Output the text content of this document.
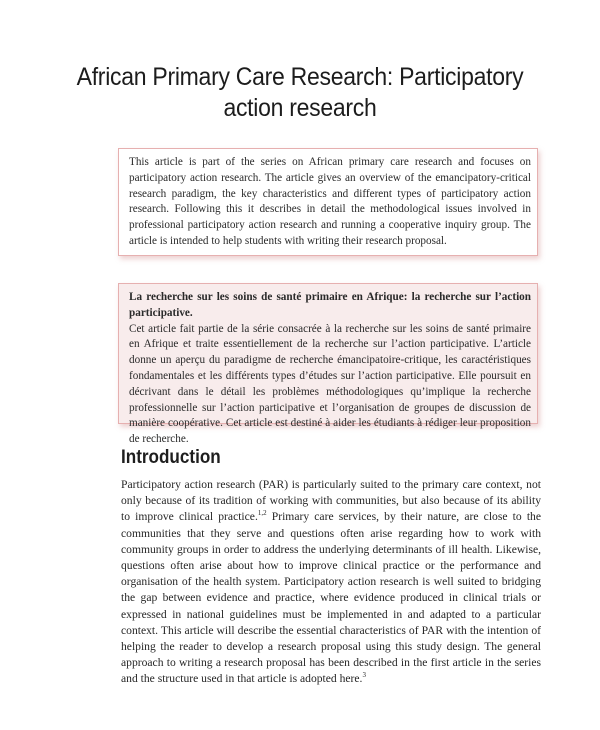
African Primary Care Research: Participatory
action research

This article is part of the series on African primary care research and focuses on participatory action research. The article gives an overview of the emancipatory-critical research paradigm, the key characteristics and different types of participatory action research. Following this it describes in detail the methodological issues involved in professional participatory action research and running a cooperative inquiry group. The article is intended to help students with writing their research proposal.

La recherche sur les soins de santé primaire en Afrique: la recherche sur l’action participative.
Cet article fait partie de la série consacrée à la recherche sur les soins de santé primaire en Afrique et traite essentiellement de la recherche sur l’action participative. L’article donne un aperçu du paradigme de recherche émancipatoire-critique, les caractéristiques fondamentales et les différents types d’études sur l’action participative. Elle poursuit en décrivant dans le détail les problèmes méthodologiques qu’implique la recherche professionnelle sur l’action participative et l’organisation de groupes de discussion de manière coopérative. Cet article est destiné à aider les étudiants à rédiger leur proposition de recherche.

Introduction

Participatory action research (PAR) is particularly suited to the primary care context, not only because of its tradition of working with communities, but also because of its ability to improve clinical practice.$^{1,2}$ Primary care services, by their nature, are close to the communities that they serve and questions often arise regarding how to work with community groups in order to address the underlying determinants of ill health. Likewise, questions often arise about how to improve clinical practice or the performance and organisation of the health system. Participatory action research is well suited to bridging the gap between evidence and practice, where evidence produced in clinical trials or expressed in national guidelines must be implemented in and adapted to a particular context. This article will describe the essential characteristics of PAR with the intention of helping the reader to develop a research proposal using this study design. The general approach to writing a research proposal has been described in the first article in the series and the structure used in that article is adopted here.$^3$
